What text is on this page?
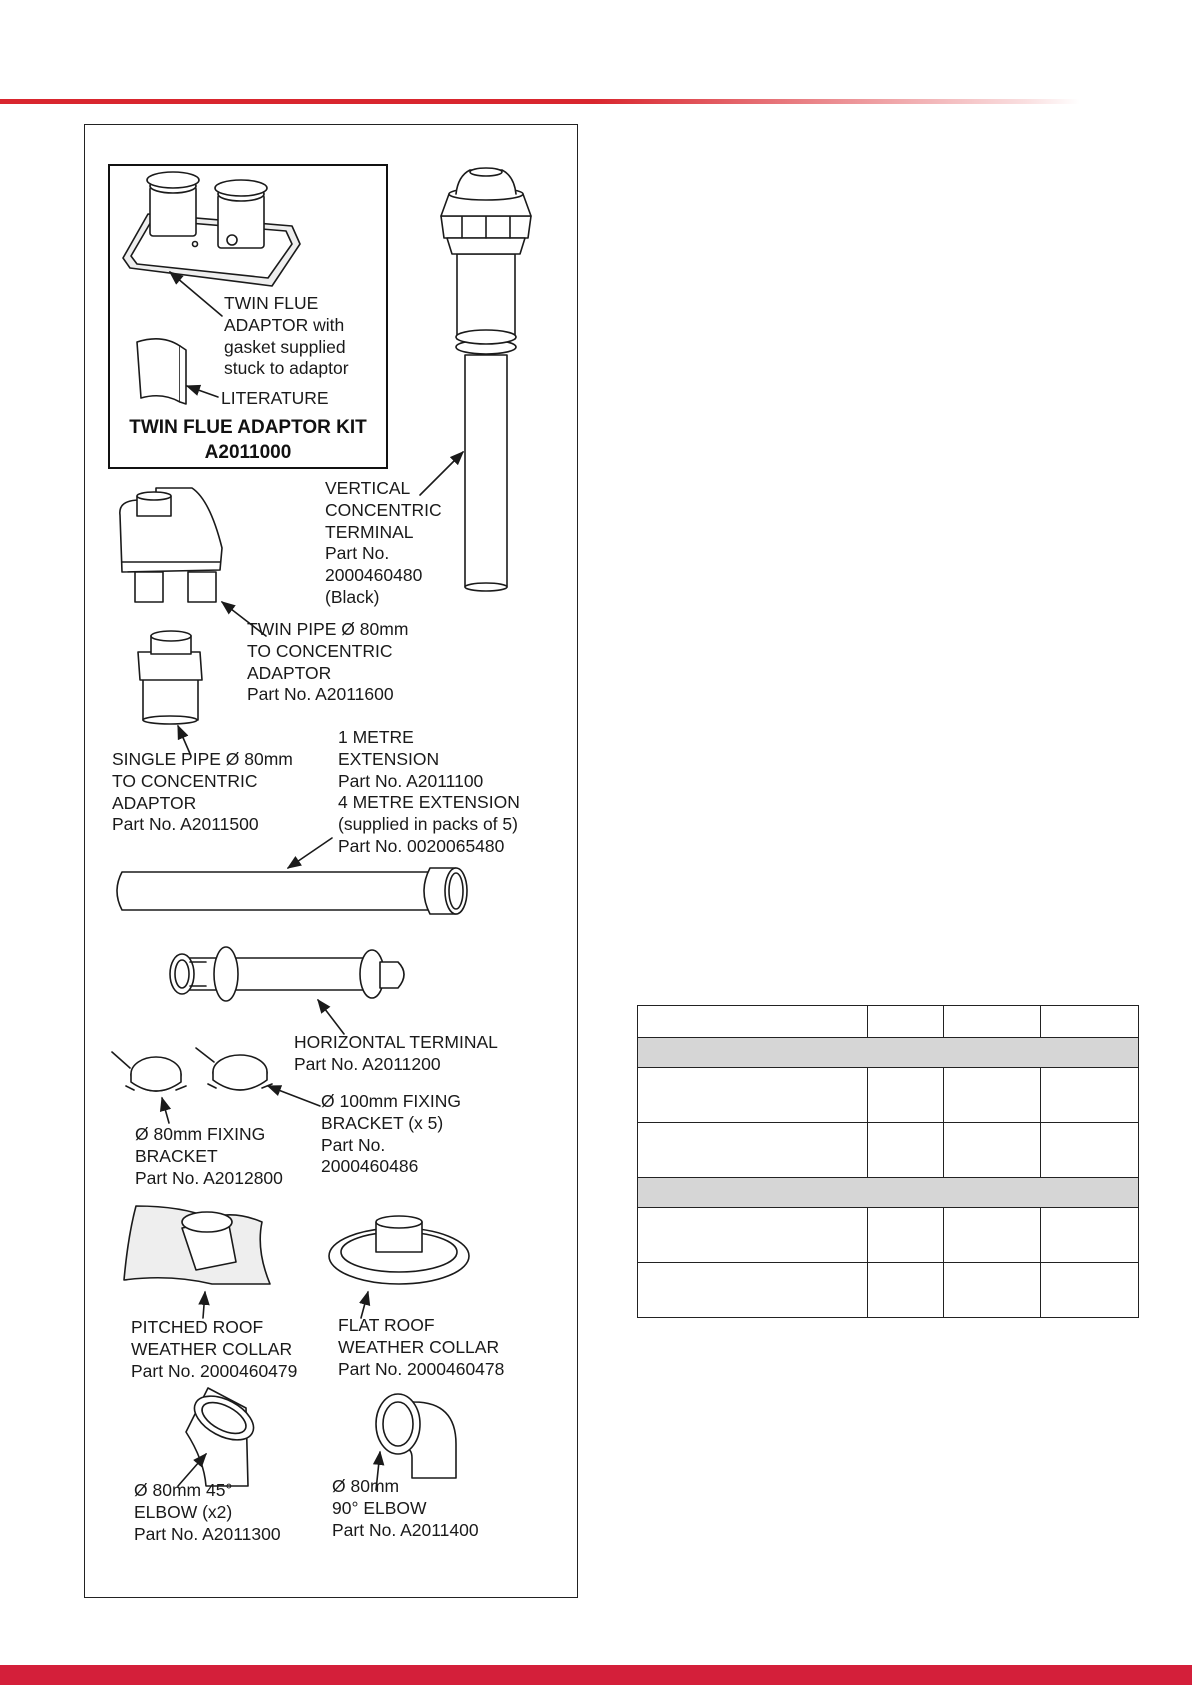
TWIN FLUE
ADAPTOR with
gasket supplied
stuck to adaptor
LITERATURE
TWIN FLUE ADAPTOR KIT
A2011000
VERTICAL
CONCENTRIC
TERMINAL
Part No.
2000460480
(Black)
TWIN PIPE Ø 80mm
TO CONCENTRIC
ADAPTOR
Part No. A2011600
SINGLE PIPE Ø 80mm
TO CONCENTRIC
ADAPTOR
Part No. A2011500
1 METRE
EXTENSION
Part No. A2011100
4 METRE EXTENSION
(supplied in packs of 5)
Part No. 0020065480
HORIZONTAL TERMINAL
Part No. A2011200
Ø 100mm FIXING
BRACKET (x 5)
Part No.
2000460486
Ø 80mm FIXING
BRACKET
Part No. A2012800
PITCHED ROOF
WEATHER COLLAR
Part No. 2000460479
FLAT ROOF
WEATHER COLLAR
Part No. 2000460478
Ø 80mm 45°
ELBOW (x2)
Part No. A2011300
Ø 80mm
90° ELBOW
Part No. A2011400
